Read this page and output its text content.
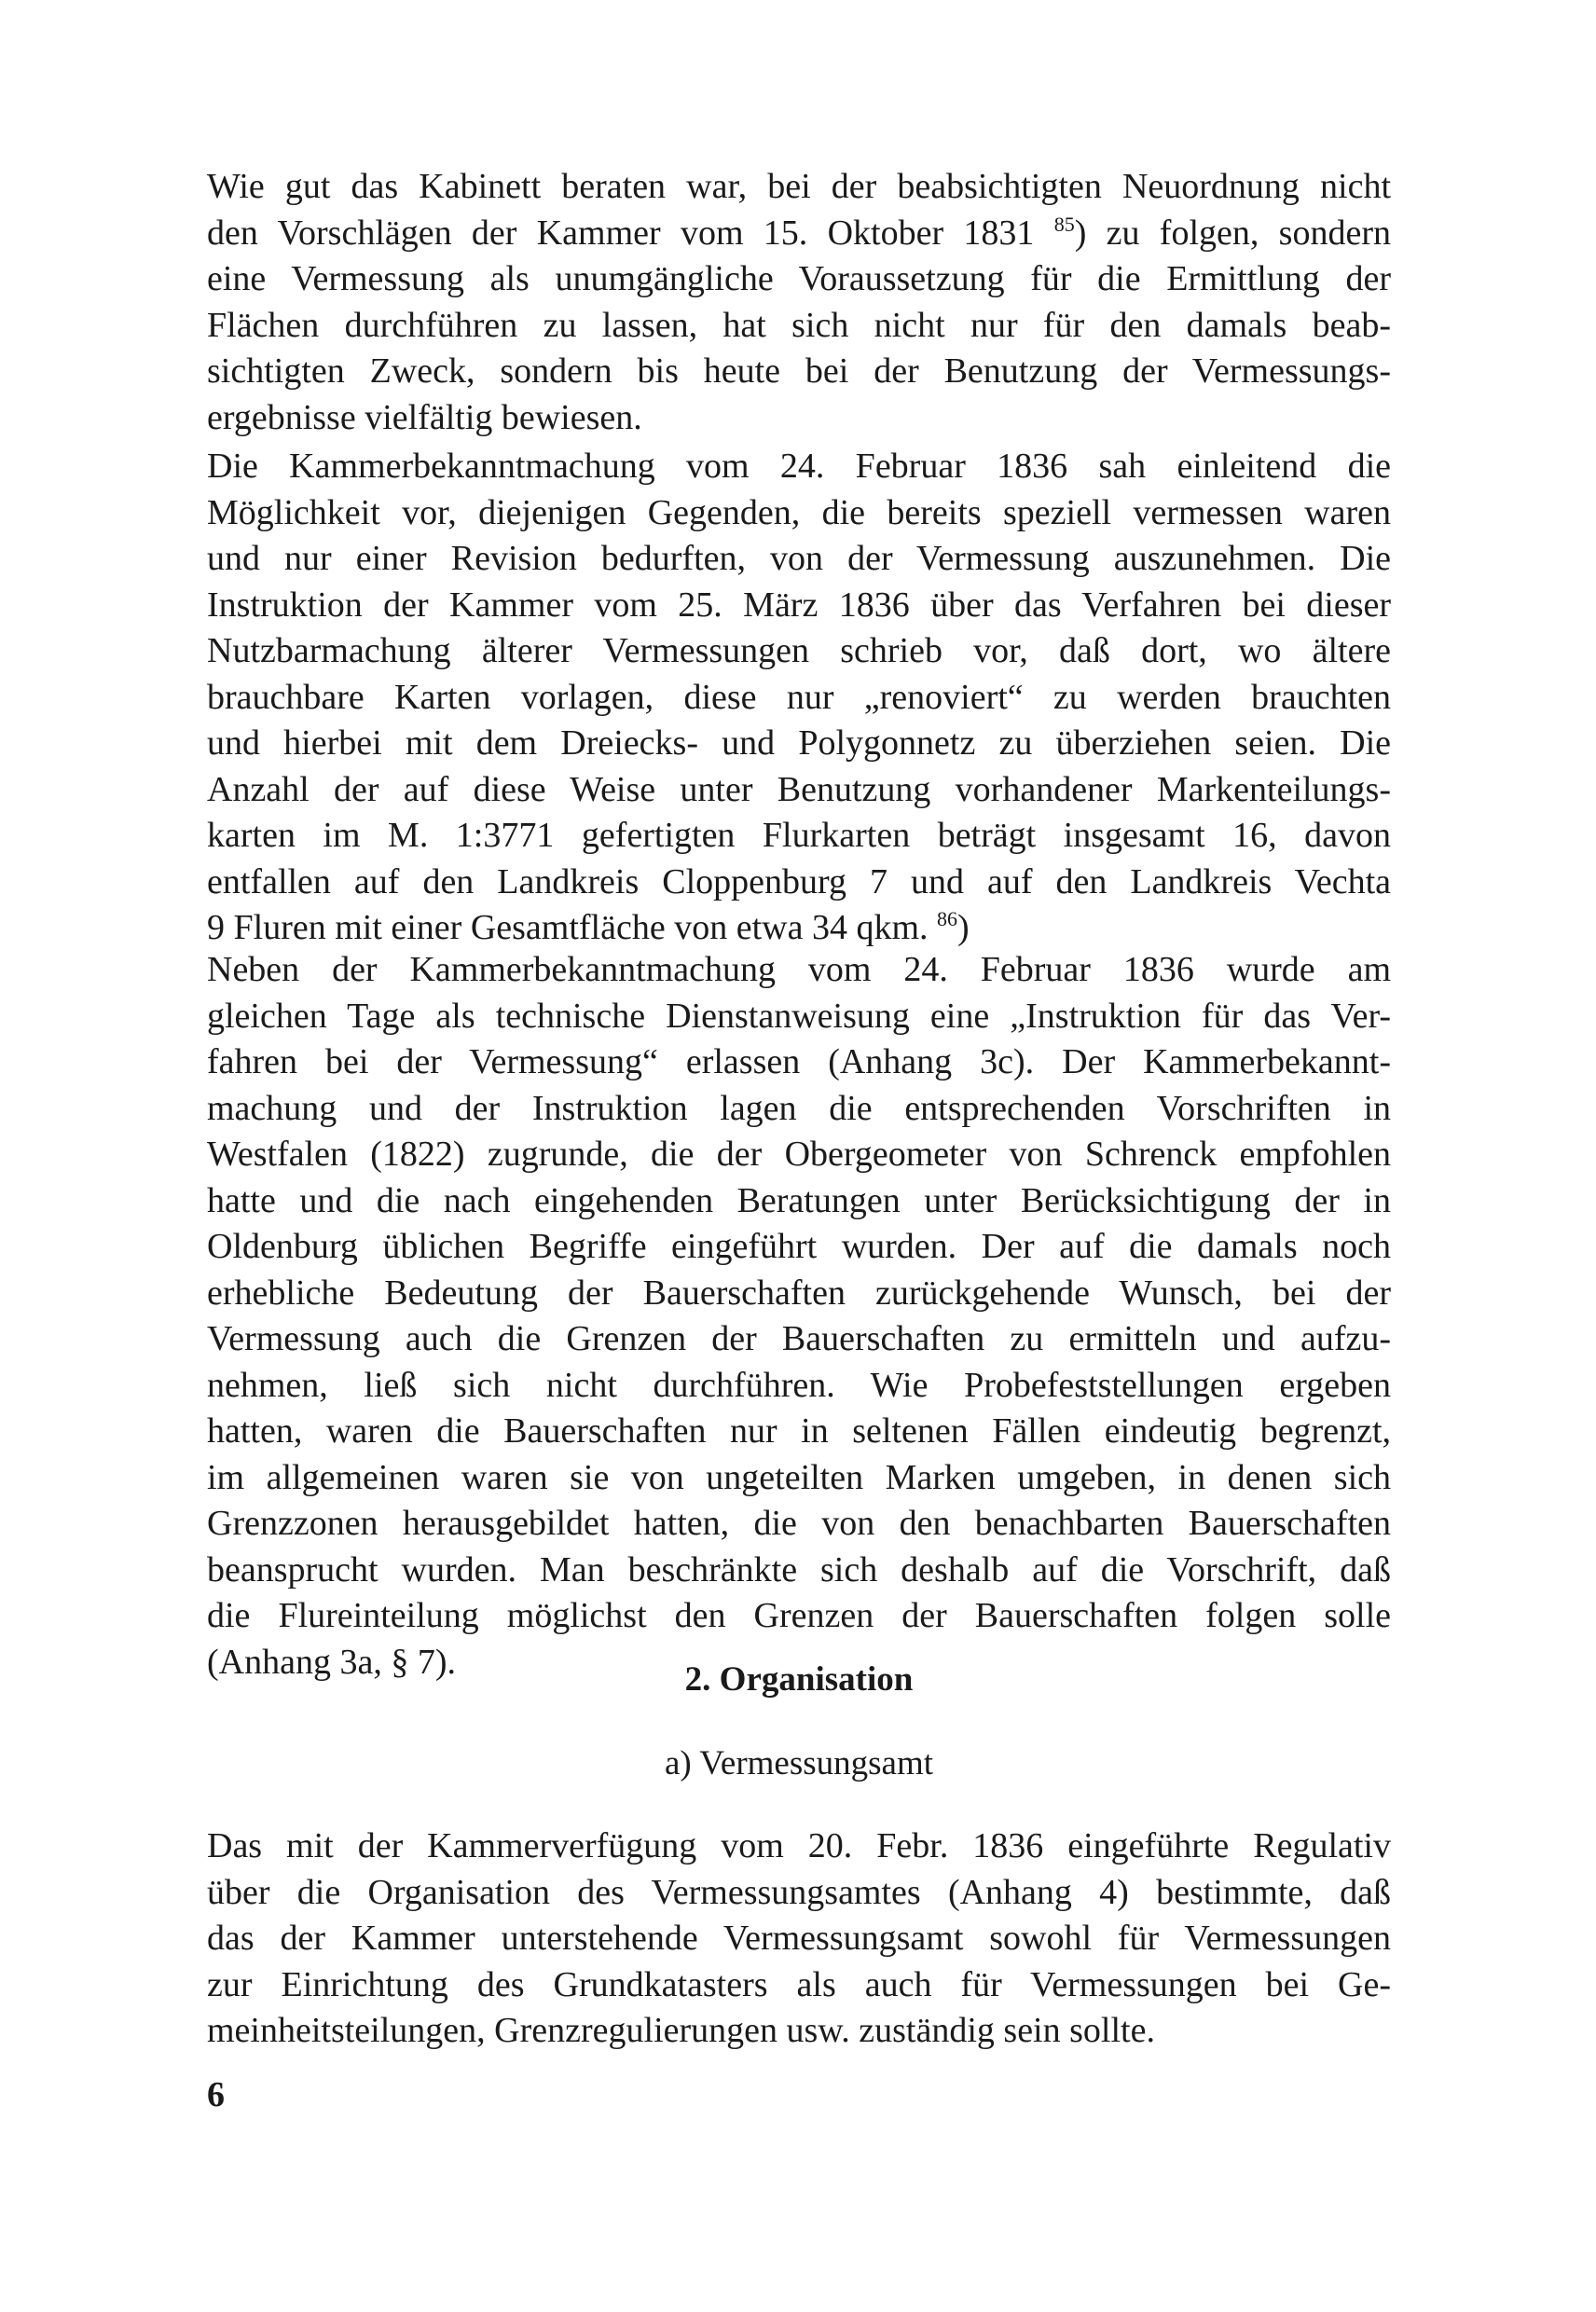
Wie gut das Kabinett beraten war, bei der beabsichtigten Neuordnung nicht
den Vorschlägen der Kammer vom 15. Oktober 1831 $^{85}$) zu folgen, sondern
eine Vermessung als unumgängliche Voraussetzung für die Ermittlung der
Flächen durchführen zu lassen, hat sich nicht nur für den damals beab-
sichtigten Zweck, sondern bis heute bei der Benutzung der Vermessungs-
ergebnisse vielfältig bewiesen.
Die Kammerbekanntmachung vom 24. Februar 1836 sah einleitend die
Möglichkeit vor, diejenigen Gegenden, die bereits speziell vermessen waren
und nur einer Revision bedurften, von der Vermessung auszunehmen. Die
Instruktion der Kammer vom 25. März 1836 über das Verfahren bei dieser
Nutzbarmachung älterer Vermessungen schrieb vor, daß dort, wo ältere
brauchbare Karten vorlagen, diese nur „renoviert“ zu werden brauchten
und hierbei mit dem Dreiecks- und Polygonnetz zu überziehen seien. Die
Anzahl der auf diese Weise unter Benutzung vorhandener Markenteilungs-
karten im M. 1:3771 gefertigten Flurkarten beträgt insgesamt 16, davon
entfallen auf den Landkreis Cloppenburg 7 und auf den Landkreis Vechta
9 Fluren mit einer Gesamtfläche von etwa 34 qkm. $^{86}$)
Neben der Kammerbekanntmachung vom 24. Februar 1836 wurde am
gleichen Tage als technische Dienstanweisung eine „Instruktion für das Ver-
fahren bei der Vermessung“ erlassen (Anhang 3c). Der Kammerbekannt-
machung und der Instruktion lagen die entsprechenden Vorschriften in
Westfalen (1822) zugrunde, die der Obergeometer von Schrenck empfohlen
hatte und die nach eingehenden Beratungen unter Berücksichtigung der in
Oldenburg üblichen Begriffe eingeführt wurden. Der auf die damals noch
erhebliche Bedeutung der Bauerschaften zurückgehende Wunsch, bei der
Vermessung auch die Grenzen der Bauerschaften zu ermitteln und aufzu-
nehmen, ließ sich nicht durchführen. Wie Probefeststellungen ergeben
hatten, waren die Bauerschaften nur in seltenen Fällen eindeutig begrenzt,
im allgemeinen waren sie von ungeteilten Marken umgeben, in denen sich
Grenzzonen herausgebildet hatten, die von den benachbarten Bauerschaften
beansprucht wurden. Man beschränkte sich deshalb auf die Vorschrift, daß
die Flureinteilung möglichst den Grenzen der Bauerschaften folgen solle
(Anhang 3a, § 7).	2. Organisation
a) Vermessungsamt
Das mit der Kammerverfügung vom 20. Febr. 1836 eingeführte Regulativ
über die Organisation des Vermessungsamtes (Anhang 4) bestimmte, daß
das der Kammer unterstehende Vermessungsamt sowohl für Vermessungen
zur Einrichtung des Grundkatasters als auch für Vermessungen bei Ge-
meinheitsteilungen, Grenzregulierungen usw. zuständig sein sollte.
6
